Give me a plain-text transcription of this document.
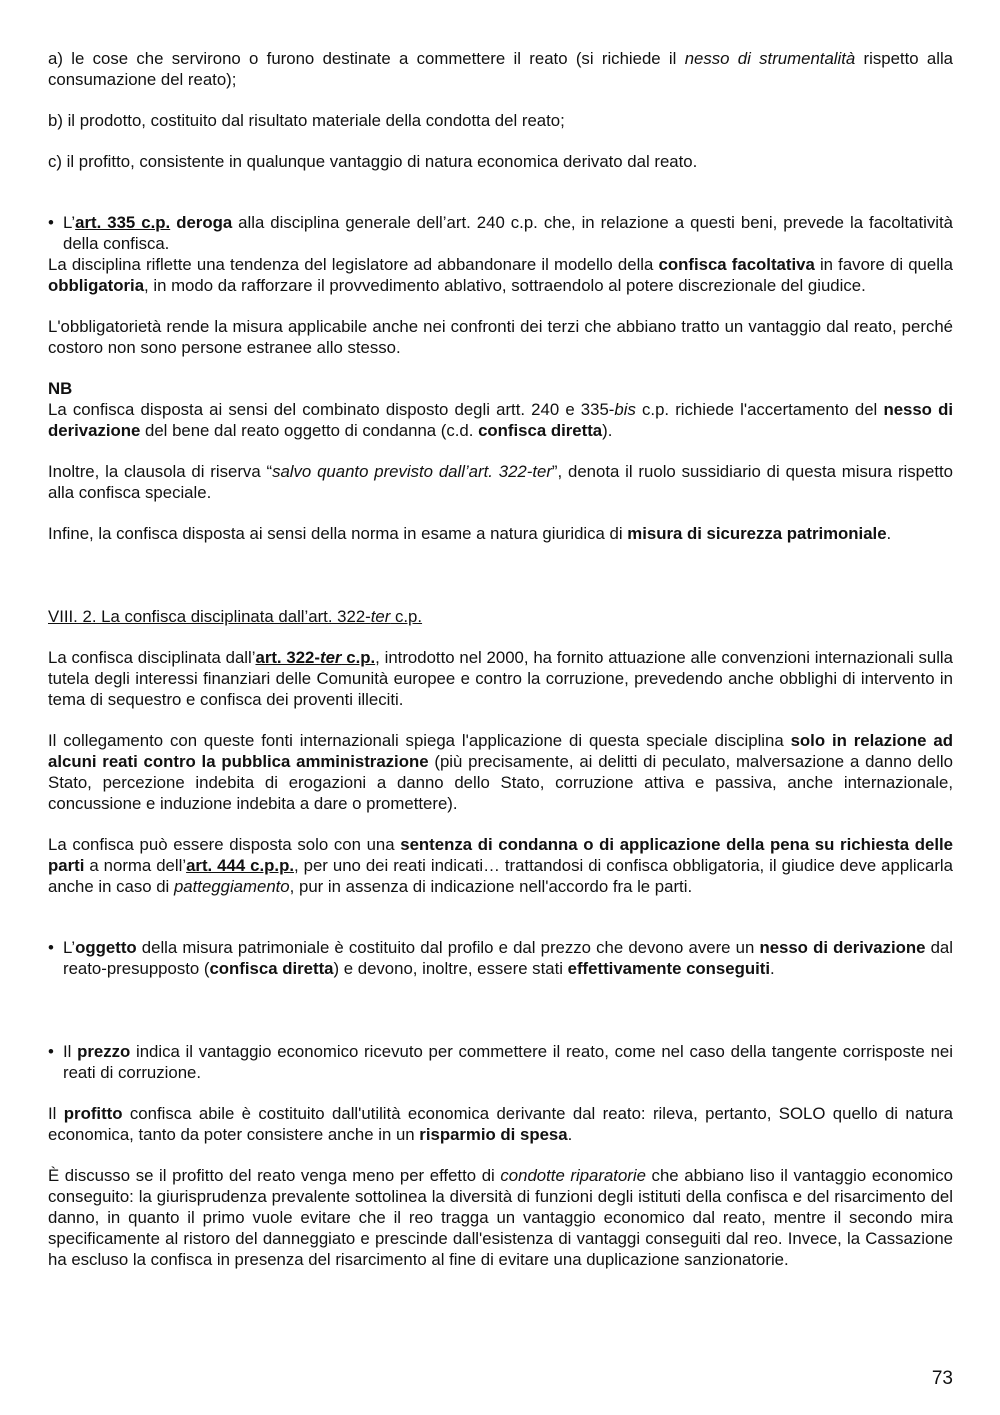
a) le cose che servirono o furono destinate a commettere il reato (si richiede il nesso di strumentalità rispetto alla consumazione del reato);

b) il prodotto, costituito dal risultato materiale della condotta del reato;

c) il profitto, consistente in qualunque vantaggio di natura economica derivato dal reato.

• L’art. 335 c.p. deroga alla disciplina generale dell’art. 240 c.p. che, in relazione a questi beni, prevede la facoltatività della confisca.

La disciplina riflette una tendenza del legislatore ad abbandonare il modello della confisca facoltativa in favore di quella obbligatoria, in modo da rafforzare il provvedimento ablativo, sottraendolo al potere discrezionale del giudice.

L'obbligatorietà rende la misura applicabile anche nei confronti dei terzi che abbiano tratto un vantaggio dal reato, perché costoro non sono persone estranee allo stesso.

NB

La confisca disposta ai sensi del combinato disposto degli artt. 240 e 335-bis c.p. richiede l'accertamento del nesso di derivazione del bene dal reato oggetto di condanna (c.d. confisca diretta).

Inoltre, la clausola di riserva “salvo quanto previsto dall’art. 322-ter”, denota il ruolo sussidiario di questa misura rispetto alla confisca speciale.

Infine, la confisca disposta ai sensi della norma in esame a natura giuridica di misura di sicurezza patrimoniale.

VIII. 2. La confisca disciplinata dall’art. 322-ter c.p.

La confisca disciplinata dall’art. 322-ter c.p., introdotto nel 2000, ha fornito attuazione alle convenzioni internazionali sulla tutela degli interessi finanziari delle Comunità europee e contro la corruzione, prevedendo anche obblighi di intervento in tema di sequestro e confisca dei proventi illeciti.

Il collegamento con queste fonti internazionali spiega l'applicazione di questa speciale disciplina solo in relazione ad alcuni reati contro la pubblica amministrazione (più precisamente, ai delitti di peculato, malversazione a danno dello Stato, percezione indebita di erogazioni a danno dello Stato, corruzione attiva e passiva, anche internazionale, concussione e induzione indebita a dare o promettere).

La confisca può essere disposta solo con una sentenza di condanna o di applicazione della pena su richiesta delle parti a norma dell’art. 444 c.p.p., per uno dei reati indicati… trattandosi di confisca obbligatoria, il giudice deve applicarla anche in caso di patteggiamento, pur in assenza di indicazione nell'accordo fra le parti.

• L’oggetto della misura patrimoniale è costituito dal profilo e dal prezzo che devono avere un nesso di derivazione dal reato-presupposto (confisca diretta) e devono, inoltre, essere stati effettivamente conseguiti.

• Il prezzo indica il vantaggio economico ricevuto per commettere il reato, come nel caso della tangente corrisposte nei reati di corruzione.

Il profitto confisca abile è costituito dall'utilità economica derivante dal reato: rileva, pertanto, SOLO quello di natura economica, tanto da poter consistere anche in un risparmio di spesa.

È discusso se il profitto del reato venga meno per effetto di condotte riparatorie che abbiano liso il vantaggio economico conseguito: la giurisprudenza prevalente sottolinea la diversità di funzioni degli istituti della confisca e del risarcimento del danno, in quanto il primo vuole evitare che il reo tragga un vantaggio economico dal reato, mentre il secondo mira specificamente al ristoro del danneggiato e prescinde dall'esistenza di vantaggi conseguiti dal reo. Invece, la Cassazione ha escluso la confisca in presenza del risarcimento al fine di evitare una duplicazione sanzionatorie.

73
